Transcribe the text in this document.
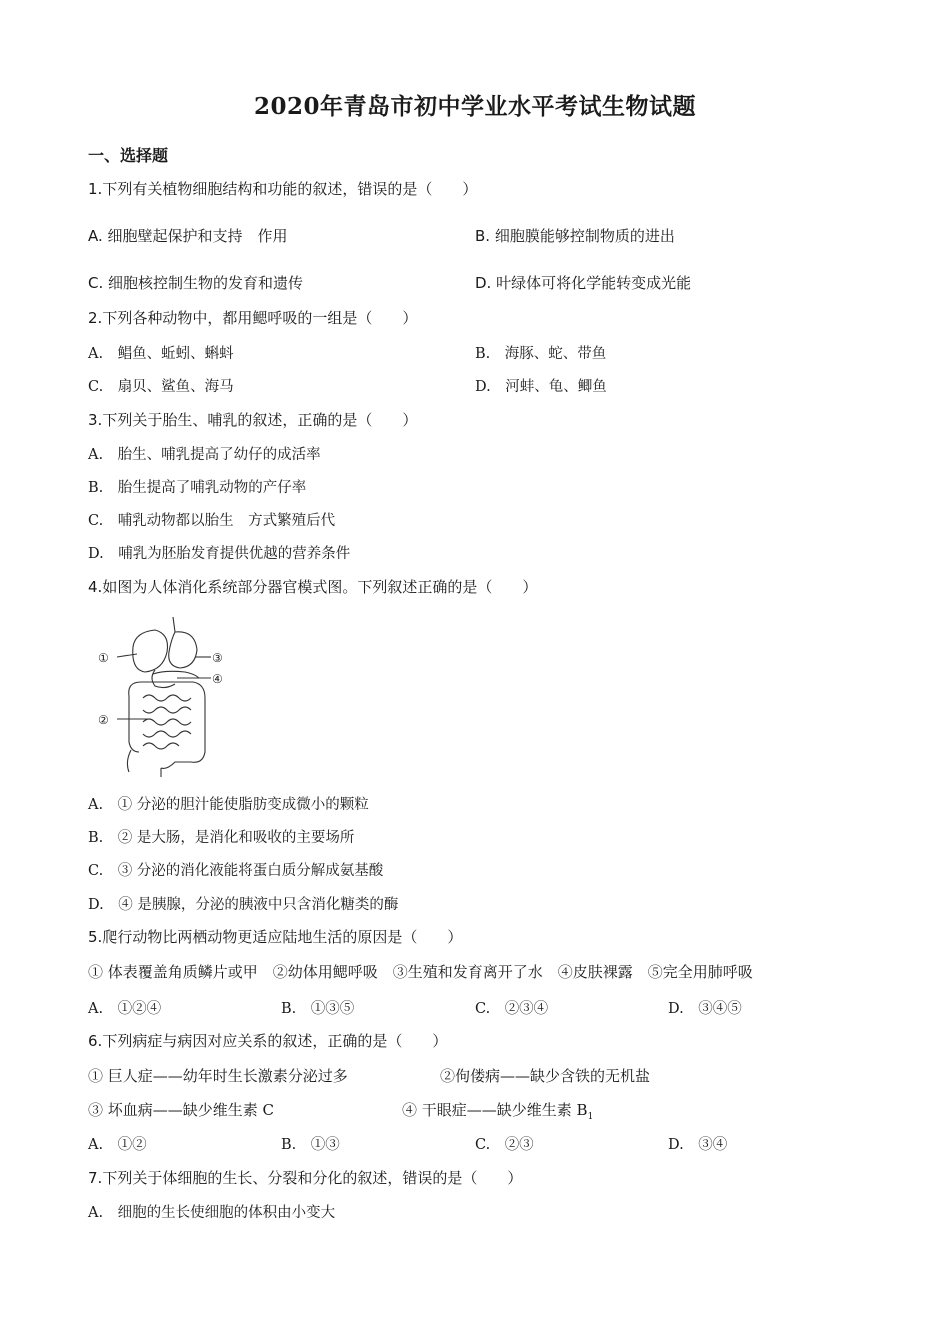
2020年青岛市初中学业水平考试生物试题
一、选择题
1.下列有关植物细胞结构和功能的叙述，错误的是（　　）
A. 细胞壁起保护和支持　作用	B. 细胞膜能够控制物质的进出
C. 细胞核控制生物的发育和遗传	D. 叶绿体可将化学能转变成光能
2.下列各种动物中，都用鳃呼吸的一组是（　　）
A.　 鲳鱼、蚯蚓、蝌蚪	B.　 海豚、蛇、带鱼
C.　 扇贝、鲨鱼、海马	D.　 河蚌、龟、鲫鱼
3.下列关于胎生、哺乳的叙述，正确的是（　　）
A.　 胎生、哺乳提高了幼仔的成活率
B.　 胎生提高了哺乳动物的产仔率
C.　 哺乳动物都以胎生　方式繁殖后代
D.　 哺乳为胚胎发育提供优越的营养条件
4.如图为人体消化系统部分器官模式图。下列叙述正确的是（　　）
①
②
③
④
A.　 ① 分泌的胆汁能使脂肪变成微小的颗粒
B.　 ② 是大肠，是消化和吸收的主要场所
C.　 ③ 分泌的消化液能将蛋白质分解成氨基酸
D.　 ④ 是胰腺，分泌的胰液中只含消化糖类的酶
5.爬行动物比两栖动物更适应陆地生活的原因是（　　）
① 体表覆盖角质鳞片或甲　②幼体用鳃呼吸　③生殖和发育离开了水　④皮肤裸露　⑤完全用肺呼吸
A.　 ①②④	B.　 ①③⑤	C.　 ②③④	D.　 ③④⑤
6.下列病症与病因对应关系的叙述，正确的是（　　）
① 巨人症——幼年时生长激素分泌过多	②佝偻病——缺少含铁的无机盐
③ 坏血病——缺少维生素 C	④ 干眼症——缺少维生素 $B_1$
A.　 ①②	B.　 ①③	C.　 ②③	D.　 ③④
7.下列关于体细胞的生长、分裂和分化的叙述，错误的是（　　）
A.　 细胞的生长使细胞的体积由小变大
